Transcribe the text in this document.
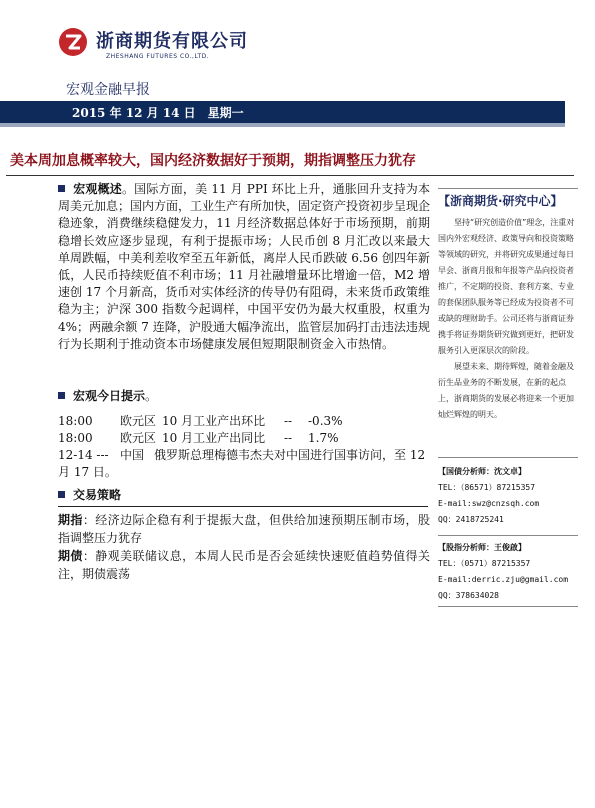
浙商期货有限公司
ZHESHANG FUTURES CO.,LTD.
宏观金融早报
2015 年 12 月 14 日　星期一
美本周加息概率较大，国内经济数据好于预期，期指调整压力犹存
宏观概述。国际方面，美 11 月 PPI 环比上升，通胀回升支持为本周美元加息；国内方面，工业生产有所加快，固定资产投资初步呈现企稳迹象，消费继续稳健发力，11 月经济数据总体好于市场预期，前期稳增长效应逐步显现，有利于提振市场；人民币创 8 月汇改以来最大单周跌幅，中美利差收窄至五年新低，离岸人民币跌破 6.56 创四年新低，人民币持续贬值不利市场；11 月社融增量环比增逾一倍，M2 增速创 17 个月新高，货币对实体经济的传导仍有阻碍，未来货币政策维稳为主；沪深 300 指数今起调样，中国平安仍为最大权重股，权重为 4%；两融余额 7 连降，沪股通大幅净流出，监管层加码打击违法违规行为长期利于推动资本市场健康发展但短期限制资金入市热情。
宏观今日提示。
18:00 欧元区 10 月工业产出环比 -- -0.3%
18:00 欧元区 10 月工业产出同比 -- 1.7%
12-14 --- 中国 俄罗斯总理梅德韦杰夫对中国进行国事访问，至 12
月 17 日。
交易策略
期指：经济边际企稳有利于提振大盘，但供给加速预期压制市场，股指调整压力犹存
期债：静观美联储议息，本周人民币是否会延续快速贬值趋势值得关注，期债震荡
【浙商期货·研究中心】

坚持“研究创造价值”理念，注重对国内外宏观经济、政策导向和投资策略等领域的研究，并将研究成果通过每日早会、浙商月报和年报等产品向投资者推广，不定期的投资、套利方案、专业的套保团队服务等已经成为投资者不可或缺的理财助手。公司还将与浙商证券携手将证券期货研究做到更好，把研发服务引入更深层次的阶段。

展望未来、期待辉煌，随着金融及衍生品业务的不断发展，在新的起点上，浙商期货的发展必将迎来一个更加灿烂辉煌的明天。

【国债分析师：沈文卓】
TEL：（86571）87215357
E-mail:swz@cnzsqh.com
QQ：2418725241
【股指分析师：王俊啟】
TEL：（0571）87215357
E-mail:derric.zju@gmail.com
QQ：378634028
